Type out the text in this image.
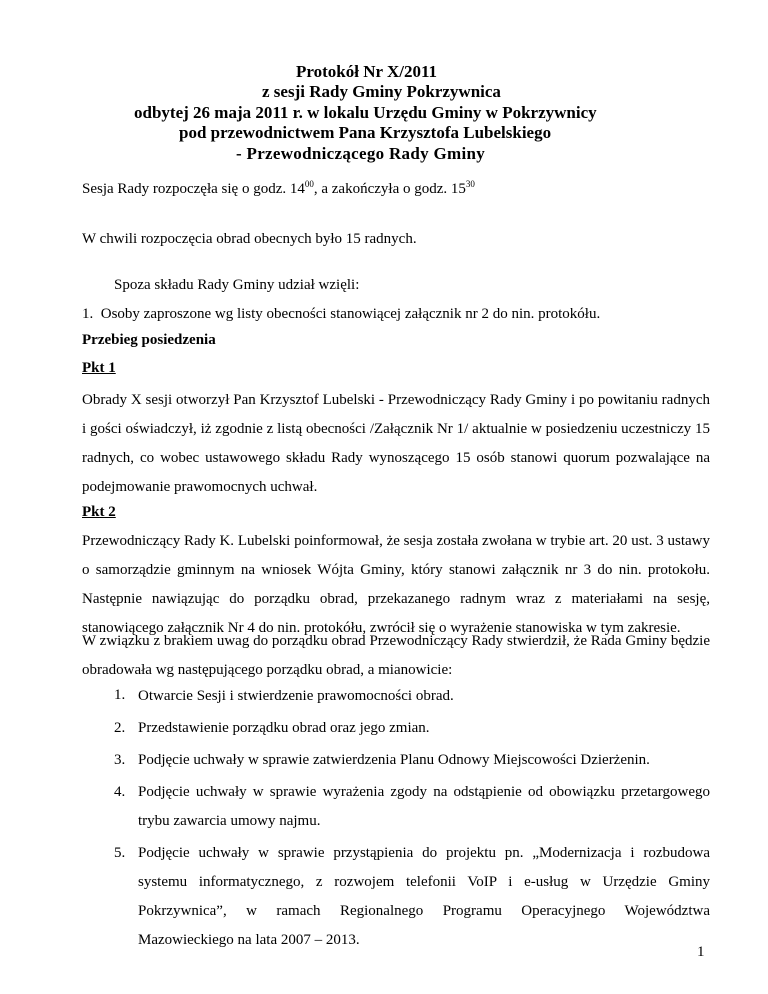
Protokół Nr X/2011
z sesji Rady Gminy Pokrzywnica
odbytej 26 maja 2011 r. w lokalu Urzędu Gminy w Pokrzywnicy
pod przewodnictwem Pana Krzysztofa Lubelskiego
- Przewodniczącego Rady Gminy
Sesja Rady rozpoczęła się o godz. $14^{00}$, a zakończyła o godz. $15^{30}$
W chwili rozpoczęcia obrad obecnych było 15 radnych.
Spoza składu Rady Gminy udział wzięli:
1. Osoby zaproszone wg listy obecności stanowiącej załącznik nr 2 do nin. protokółu.
Przebieg posiedzenia
Pkt 1
Obrady X sesji otworzył Pan Krzysztof Lubelski - Przewodniczący Rady Gminy i po powitaniu radnych i gości oświadczył, iż zgodnie z listą obecności /Załącznik Nr 1/ aktualnie w posiedzeniu uczestniczy 15 radnych, co wobec ustawowego składu Rady wynoszącego 15 osób stanowi quorum pozwalające na podejmowanie prawomocnych uchwał.
Pkt 2
Przewodniczący Rady K. Lubelski poinformował, że sesja została zwołana w trybie art. 20 ust. 3 ustawy o samorządzie gminnym na wniosek Wójta Gminy, który stanowi załącznik nr 3 do nin. protokołu. Następnie nawiązując do porządku obrad, przekazanego radnym wraz z materiałami na sesję, stanowiącego załącznik Nr 4 do nin. protokółu, zwrócił się o wyrażenie stanowiska w tym zakresie.
W związku z brakiem uwag do porządku obrad Przewodniczący Rady stwierdził, że Rada Gminy będzie obradowała wg następującego porządku obrad, a mianowicie:
1. Otwarcie Sesji i stwierdzenie prawomocności obrad.
2. Przedstawienie porządku obrad oraz jego zmian.
3. Podjęcie uchwały w sprawie zatwierdzenia Planu Odnowy Miejscowości Dzierżenin.
4. Podjęcie uchwały w sprawie wyrażenia zgody na odstąpienie od obowiązku przetargowego trybu zawarcia umowy najmu.
5. Podjęcie uchwały w sprawie przystąpienia do projektu pn. „Modernizacja i rozbudowa systemu informatycznego, z rozwojem telefonii VoIP i e-usług w Urzędzie Gminy Pokrzywnica”, w ramach Regionalnego Programu Operacyjnego Województwa Mazowieckiego na lata 2007 – 2013.
1
